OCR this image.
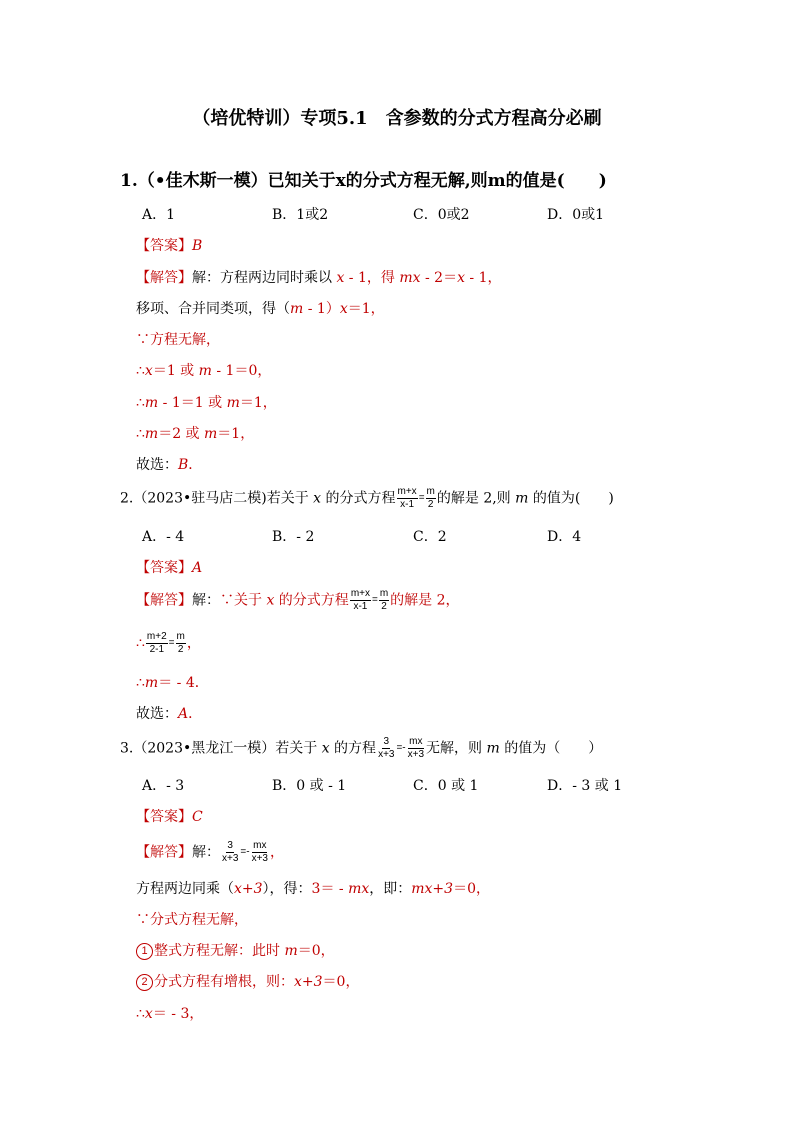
（培优特训）专项5.1　含参数的分式方程高分必刷
1.（•佳木斯一模）已知关于x的分式方程无解,则m的值是(　　)
A．1	B．1或2	C．0或2	D．0或1
【答案】B
【解答】解：方程两边同时乘以 x - 1，得 mx - 2＝x - 1，
移项、合并同类项，得（m - 1）x＝1，
∵方程无解，
∴x＝1 或 m - 1＝0，
∴m - 1＝1 或 m＝1，
∴m＝2 或 m＝1，
故选：B．
2.（2023•驻马店二模)若关于 x 的分式方程 $\frac{m+x}{x-1} = \frac{m}{2}$ 的解是 2,则 m 的值为(　　)
A．- 4	B．- 2	C．2	D．4
【答案】A
【解答】解：∵关于 x 的分式方程 $\frac{m+x}{x-1} = \frac{m}{2}$ 的解是 2，
∴ $\frac{m+2}{2-1} = \frac{m}{2}$ ，
∴m＝ - 4．
故选：A．
3.（2023•黑龙江一模）若关于 x 的方程 $\frac{3}{x+3} =- \frac{mx}{x+3}$ 无解，则 m 的值为（　　）
A．- 3	B．0 或 - 1	C．0 或 1	D．- 3 或 1
【答案】C
【解答】解： $\frac{3}{x+3} =- \frac{mx}{x+3}$ ，
方程两边同乘（x+3），得：3＝ - mx，即：mx+3＝0，
∵分式方程无解，
1 整式方程无解：此时 m＝0，
2 分式方程有增根，则：x+3＝0，
∴x＝ - 3，
